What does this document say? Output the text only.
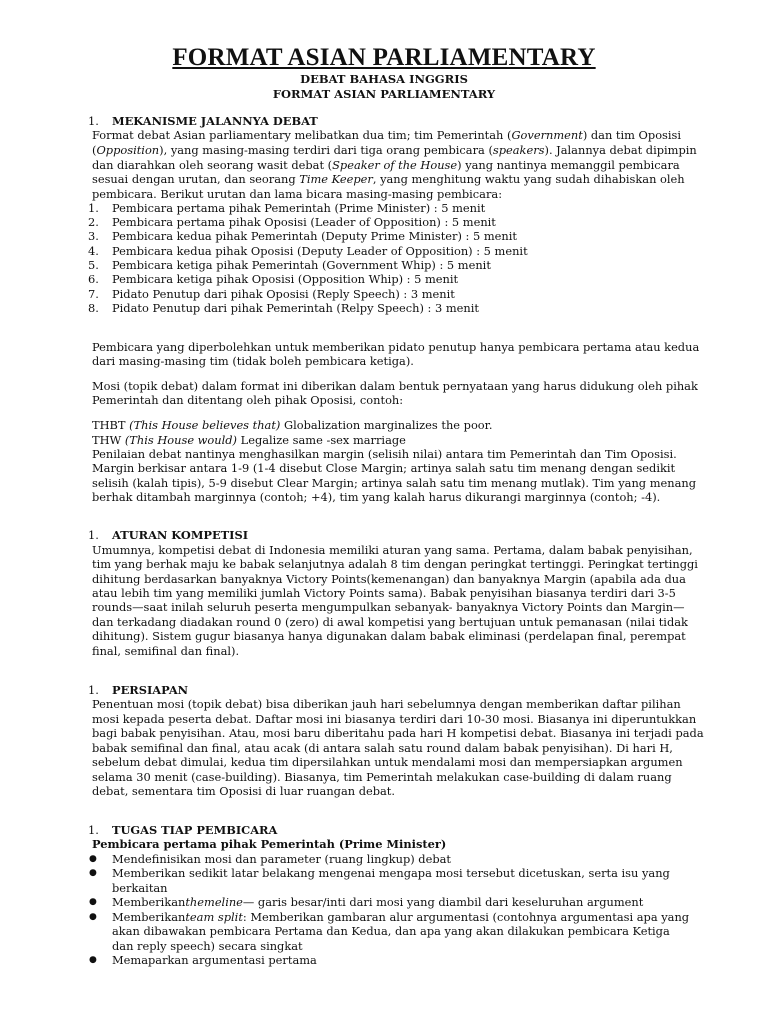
FORMAT ASIAN PARLIAMENTARY
DEBAT BAHASA INGGRIS
FORMAT ASIAN PARLIAMENTARY
1. MEKANISME JALANNYA DEBAT
Format debat Asian parliamentary melibatkan dua tim; tim Pemerintah (Government) dan tim Oposisi
(Opposition), yang masing-masing terdiri dari tiga orang pembicara (speakers). Jalannya debat dipimpin
dan diarahkan oleh seorang wasit debat (Speaker of the House) yang nantinya memanggil pembicara
sesuai dengan urutan, dan seorang Time Keeper, yang menghitung waktu yang sudah dihabiskan oleh
pembicara. Berikut urutan dan lama bicara masing-masing pembicara:
1. Pembicara pertama pihak Pemerintah (Prime Minister) : 5 menit
2. Pembicara pertama pihak Oposisi (Leader of Opposition) : 5 menit
3. Pembicara kedua pihak Pemerintah (Deputy Prime Minister) : 5 menit
4. Pembicara kedua pihak Oposisi (Deputy Leader of Opposition) : 5 menit
5. Pembicara ketiga pihak Pemerintah (Government Whip) : 5 menit
6. Pembicara ketiga pihak Oposisi (Opposition Whip) : 5 menit
7. Pidato Penutup dari pihak Oposisi (Reply Speech) : 3 menit
8. Pidato Penutup dari pihak Pemerintah (Relpy Speech) : 3 menit
Pembicara yang diperbolehkan untuk memberikan pidato penutup hanya pembicara pertama atau kedua
dari masing-masing tim (tidak boleh pembicara ketiga).
Mosi (topik debat) dalam format ini diberikan dalam bentuk pernyataan yang harus didukung oleh pihak
Pemerintah dan ditentang oleh pihak Oposisi, contoh:
THBT (This House believes that) Globalization marginalizes the poor.
THW (This House would) Legalize same -sex marriage
Penilaian debat nantinya menghasilkan margin (selisih nilai) antara tim Pemerintah dan Tim Oposisi.
Margin berkisar antara 1-9 (1-4 disebut Close Margin; artinya salah satu tim menang dengan sedikit
selisih (kalah tipis), 5-9 disebut Clear Margin; artinya salah satu tim menang mutlak). Tim yang menang
berhak ditambah marginnya (contoh; +4), tim yang kalah harus dikurangi marginnya (contoh; -4).
1. ATURAN KOMPETISI
Umumnya, kompetisi debat di Indonesia memiliki aturan yang sama. Pertama, dalam babak penyisihan,
tim yang berhak maju ke babak selanjutnya adalah 8 tim dengan peringkat tertinggi. Peringkat tertinggi
dihitung berdasarkan banyaknya Victory Points(kemenangan) dan banyaknya Margin (apabila ada dua
atau lebih tim yang memiliki jumlah Victory Points sama). Babak penyisihan biasanya terdiri dari 3-5
rounds—saat inilah seluruh peserta mengumpulkan sebanyak- banyaknya Victory Points dan Margin—
dan terkadang diadakan round 0 (zero) di awal kompetisi yang bertujuan untuk pemanasan (nilai tidak
dihitung). Sistem gugur biasanya hanya digunakan dalam babak eliminasi (perdelapan final, perempat
final, semifinal dan final).
1. PERSIAPAN
Penentuan mosi (topik debat) bisa diberikan jauh hari sebelumnya dengan memberikan daftar pilihan
mosi kepada peserta debat. Daftar mosi ini biasanya terdiri dari 10-30 mosi. Biasanya ini diperuntukkan
bagi babak penyisihan. Atau, mosi baru diberitahu pada hari H kompetisi debat. Biasanya ini terjadi pada
babak semifinal dan final, atau acak (di antara salah satu round dalam babak penyisihan). Di hari H,
sebelum debat dimulai, kedua tim dipersilahkan untuk mendalami mosi dan mempersiapkan argumen
selama 30 menit (case-building). Biasanya, tim Pemerintah melakukan case-building di dalam ruang
debat, sementara tim Oposisi di luar ruangan debat.
1. TUGAS TIAP PEMBICARA
Pembicara pertama pihak Pemerintah (Prime Minister)
● Mendefinisikan mosi dan parameter (ruang lingkup) debat
● Memberikan sedikit latar belakang mengenai mengapa mosi tersebut dicetuskan, serta isu yang
berkaitan
● Memberikanthemeline— garis besar/inti dari mosi yang diambil dari keseluruhan argument
● Memberikanteam split: Memberikan gambaran alur argumentasi (contohnya argumentasi apa yang
akan dibawakan pembicara Pertama dan Kedua, dan apa yang akan dilakukan pembicara Ketiga
dan reply speech) secara singkat
● Memaparkan argumentasi pertama
